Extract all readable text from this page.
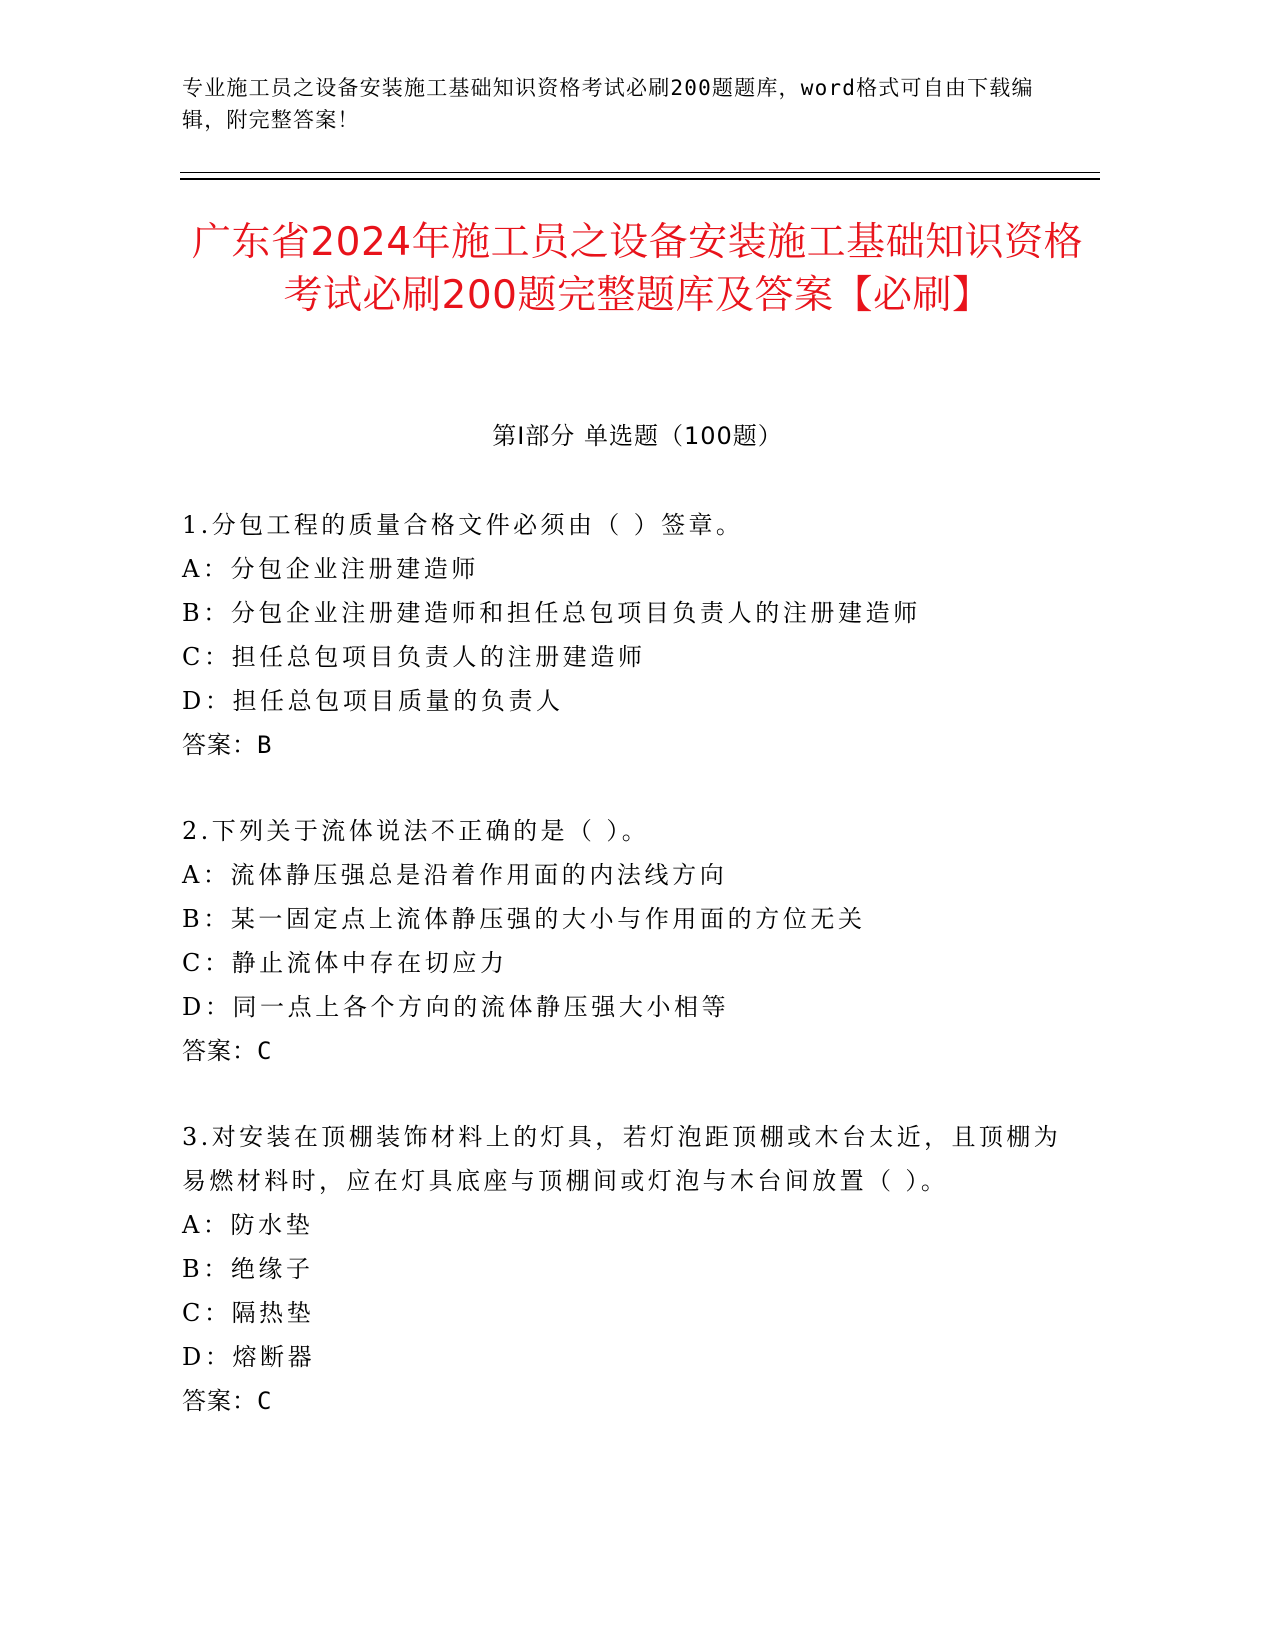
专业施工员之设备安装施工基础知识资格考试必刷200题题库，word格式可自由下载编辑，附完整答案！
广东省2024年施工员之设备安装施工基础知识资格考试必刷200题完整题库及答案【必刷】
第I部分 单选题（100题）
1.分包工程的质量合格文件必须由（ ）签章。
A：分包企业注册建造师
B：分包企业注册建造师和担任总包项目负责人的注册建造师
C：担任总包项目负责人的注册建造师
D：担任总包项目质量的负责人
答案：B
2.下列关于流体说法不正确的是（ ）。
A：流体静压强总是沿着作用面的内法线方向
B：某一固定点上流体静压强的大小与作用面的方位无关
C：静止流体中存在切应力
D：同一点上各个方向的流体静压强大小相等
答案：C
3.对安装在顶棚装饰材料上的灯具，若灯泡距顶棚或木台太近，且顶棚为易燃材料时，应在灯具底座与顶棚间或灯泡与木台间放置（ ）。
A：防水垫
B：绝缘子
C：隔热垫
D：熔断器
答案：C
